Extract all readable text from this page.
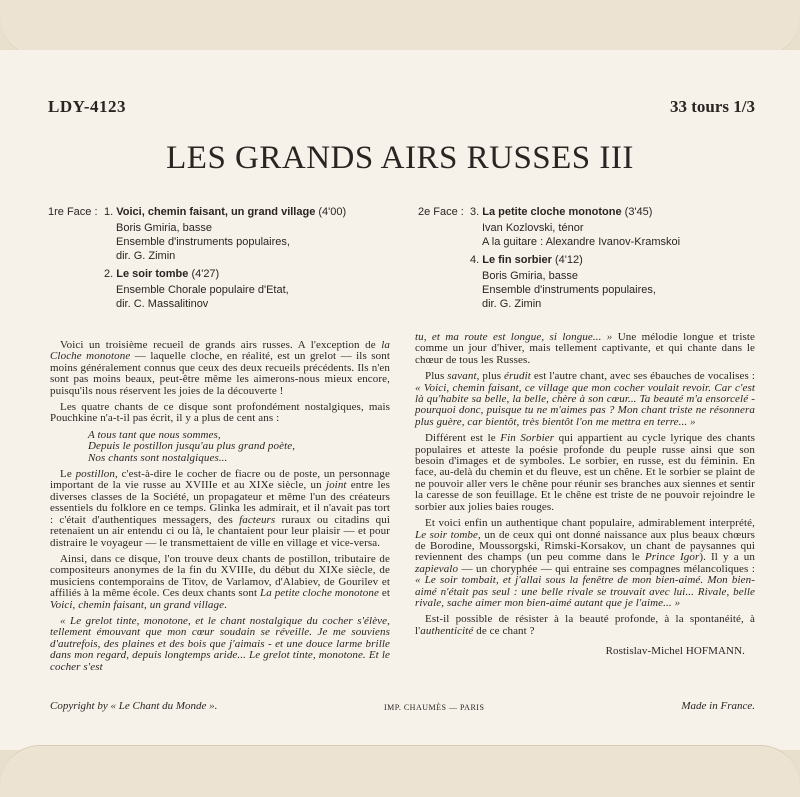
LDY-4123	33 tours 1/3
LES GRANDS AIRS RUSSES III
1re Face : 1. Voici, chemin faisant, un grand village (4'00)
Boris Gmiria, basse
Ensemble d'instruments populaires,
dir. G. Zimin
2. Le soir tombe (4'27)
Ensemble Chorale populaire d'Etat,
dir. C. Massalitinov
2e Face : 3. La petite cloche monotone (3'45)
Ivan Kozlovski, ténor
A la guitare : Alexandre Ivanov-Kramskoi
4. Le fin sorbier (4'12)
Boris Gmiria, basse
Ensemble d'instruments populaires,
dir. G. Zimin

Voici un troisième recueil de grands airs russes. A l'exception de la Cloche monotone — laquelle cloche, en réalité, est un grelot — ils sont moins généralement connus que ceux des deux recueils précédents. Ils n'en sont pas moins beaux, peut-être même les aimerons-nous mieux encore, puisqu'ils nous réservent les joies de la découverte !

Les quatre chants de ce disque sont profondément nostalgiques, mais Pouchkine n'a-t-il pas écrit, il y a plus de cent ans :

A tous tant que nous sommes,
Depuis le postillon jusqu'au plus grand poète,
Nos chants sont nostalgiques...

Le postillon, c'est-à-dire le cocher de fiacre ou de poste, un personnage important de la vie russe au XVIIIe et au XIXe siècle, un joint entre les diverses classes de la Société, un propagateur et même l'un des créateurs essentiels du folklore en ce temps. Glinka les admirait, et il n'avait pas tort : c'était d'authentiques messagers, des facteurs ruraux ou citadins qui retenaient un air entendu ci ou là, le chantaient pour leur plaisir — et pour distraire le voyageur — le transmettaient de ville en village et vice-versa.

Ainsi, dans ce disque, l'on trouve deux chants de postillon, tributaire de compositeurs anonymes de la fin du XVIIIe, du début du XIXe siècle, de musiciens contemporains de Titov, de Varlamov, d'Alabiev, de Gourilev et affiliés à la même école. Ces deux chants sont La petite cloche monotone et Voici, chemin faisant, un grand village.

« Le grelot tinte, monotone, et le chant nostalgique du cocher s'élève, tellement émouvant que mon cœur soudain se réveille. Je me souviens d'autrefois, des plaines et des bois que j'aimais - et une douce larme brille dans mon regard, depuis longtemps aride... Le grelot tinte, monotone. Et le cocher s'est

tu, et ma route est longue, si longue... » Une mélodie longue et triste comme un jour d'hiver, mais tellement captivante, et qui chante dans le chœur de tous les Russes.

Plus savant, plus érudit est l'autre chant, avec ses ébauches de vocalises : « Voici, chemin faisant, ce village que mon cocher voulait revoir. Car c'est là qu'habite sa belle, la belle, chère à son cœur... Ta beauté m'a ensorcelé - pourquoi donc, puisque tu ne m'aimes pas ? Mon chant triste ne résonnera plus guère, car bientôt, très bientôt l'on me mettra en terre... »

Différent est le Fin Sorbier qui appartient au cycle lyrique des chants populaires et atteste la poésie profonde du peuple russe ainsi que son besoin d'images et de symboles. Le sorbier, en russe, est du féminin. En face, au-delà du chemin et du fleuve, est un chêne. Et le sorbier se plaint de ne pouvoir aller vers le chêne pour réunir ses branches aux siennes et sentir la caresse de son feuillage. Et le chêne est triste de ne pouvoir rejoindre le sorbier aux jolies baies rouges.

Et voici enfin un authentique chant populaire, admirablement interprété, Le soir tombe, un de ceux qui ont donné naissance aux plus beaux chœurs de Borodine, Moussorgski, Rimski-Korsakov, un chant de paysannes qui reviennent des champs (un peu comme dans le Prince Igor). Il y a un zapievalo — un choryphée — qui entraine ses compagnes mélancoliques : « Le soir tombait, et j'allai sous la fenêtre de mon bien-aimé. Mon bien-aimé n'était pas seul : une belle rivale se trouvait avec lui... Rivale, belle rivale, sache aimer mon bien-aimé autant que je l'aime... »

Est-il possible de résister à la beauté profonde, à la spontanéité, à l'authenticité de ce chant ?

Rostislav-Michel HOFMANN.

Copyright by « Le Chant du Monde ».	IMP. CHAUMÈS — PARIS	Made in France.
